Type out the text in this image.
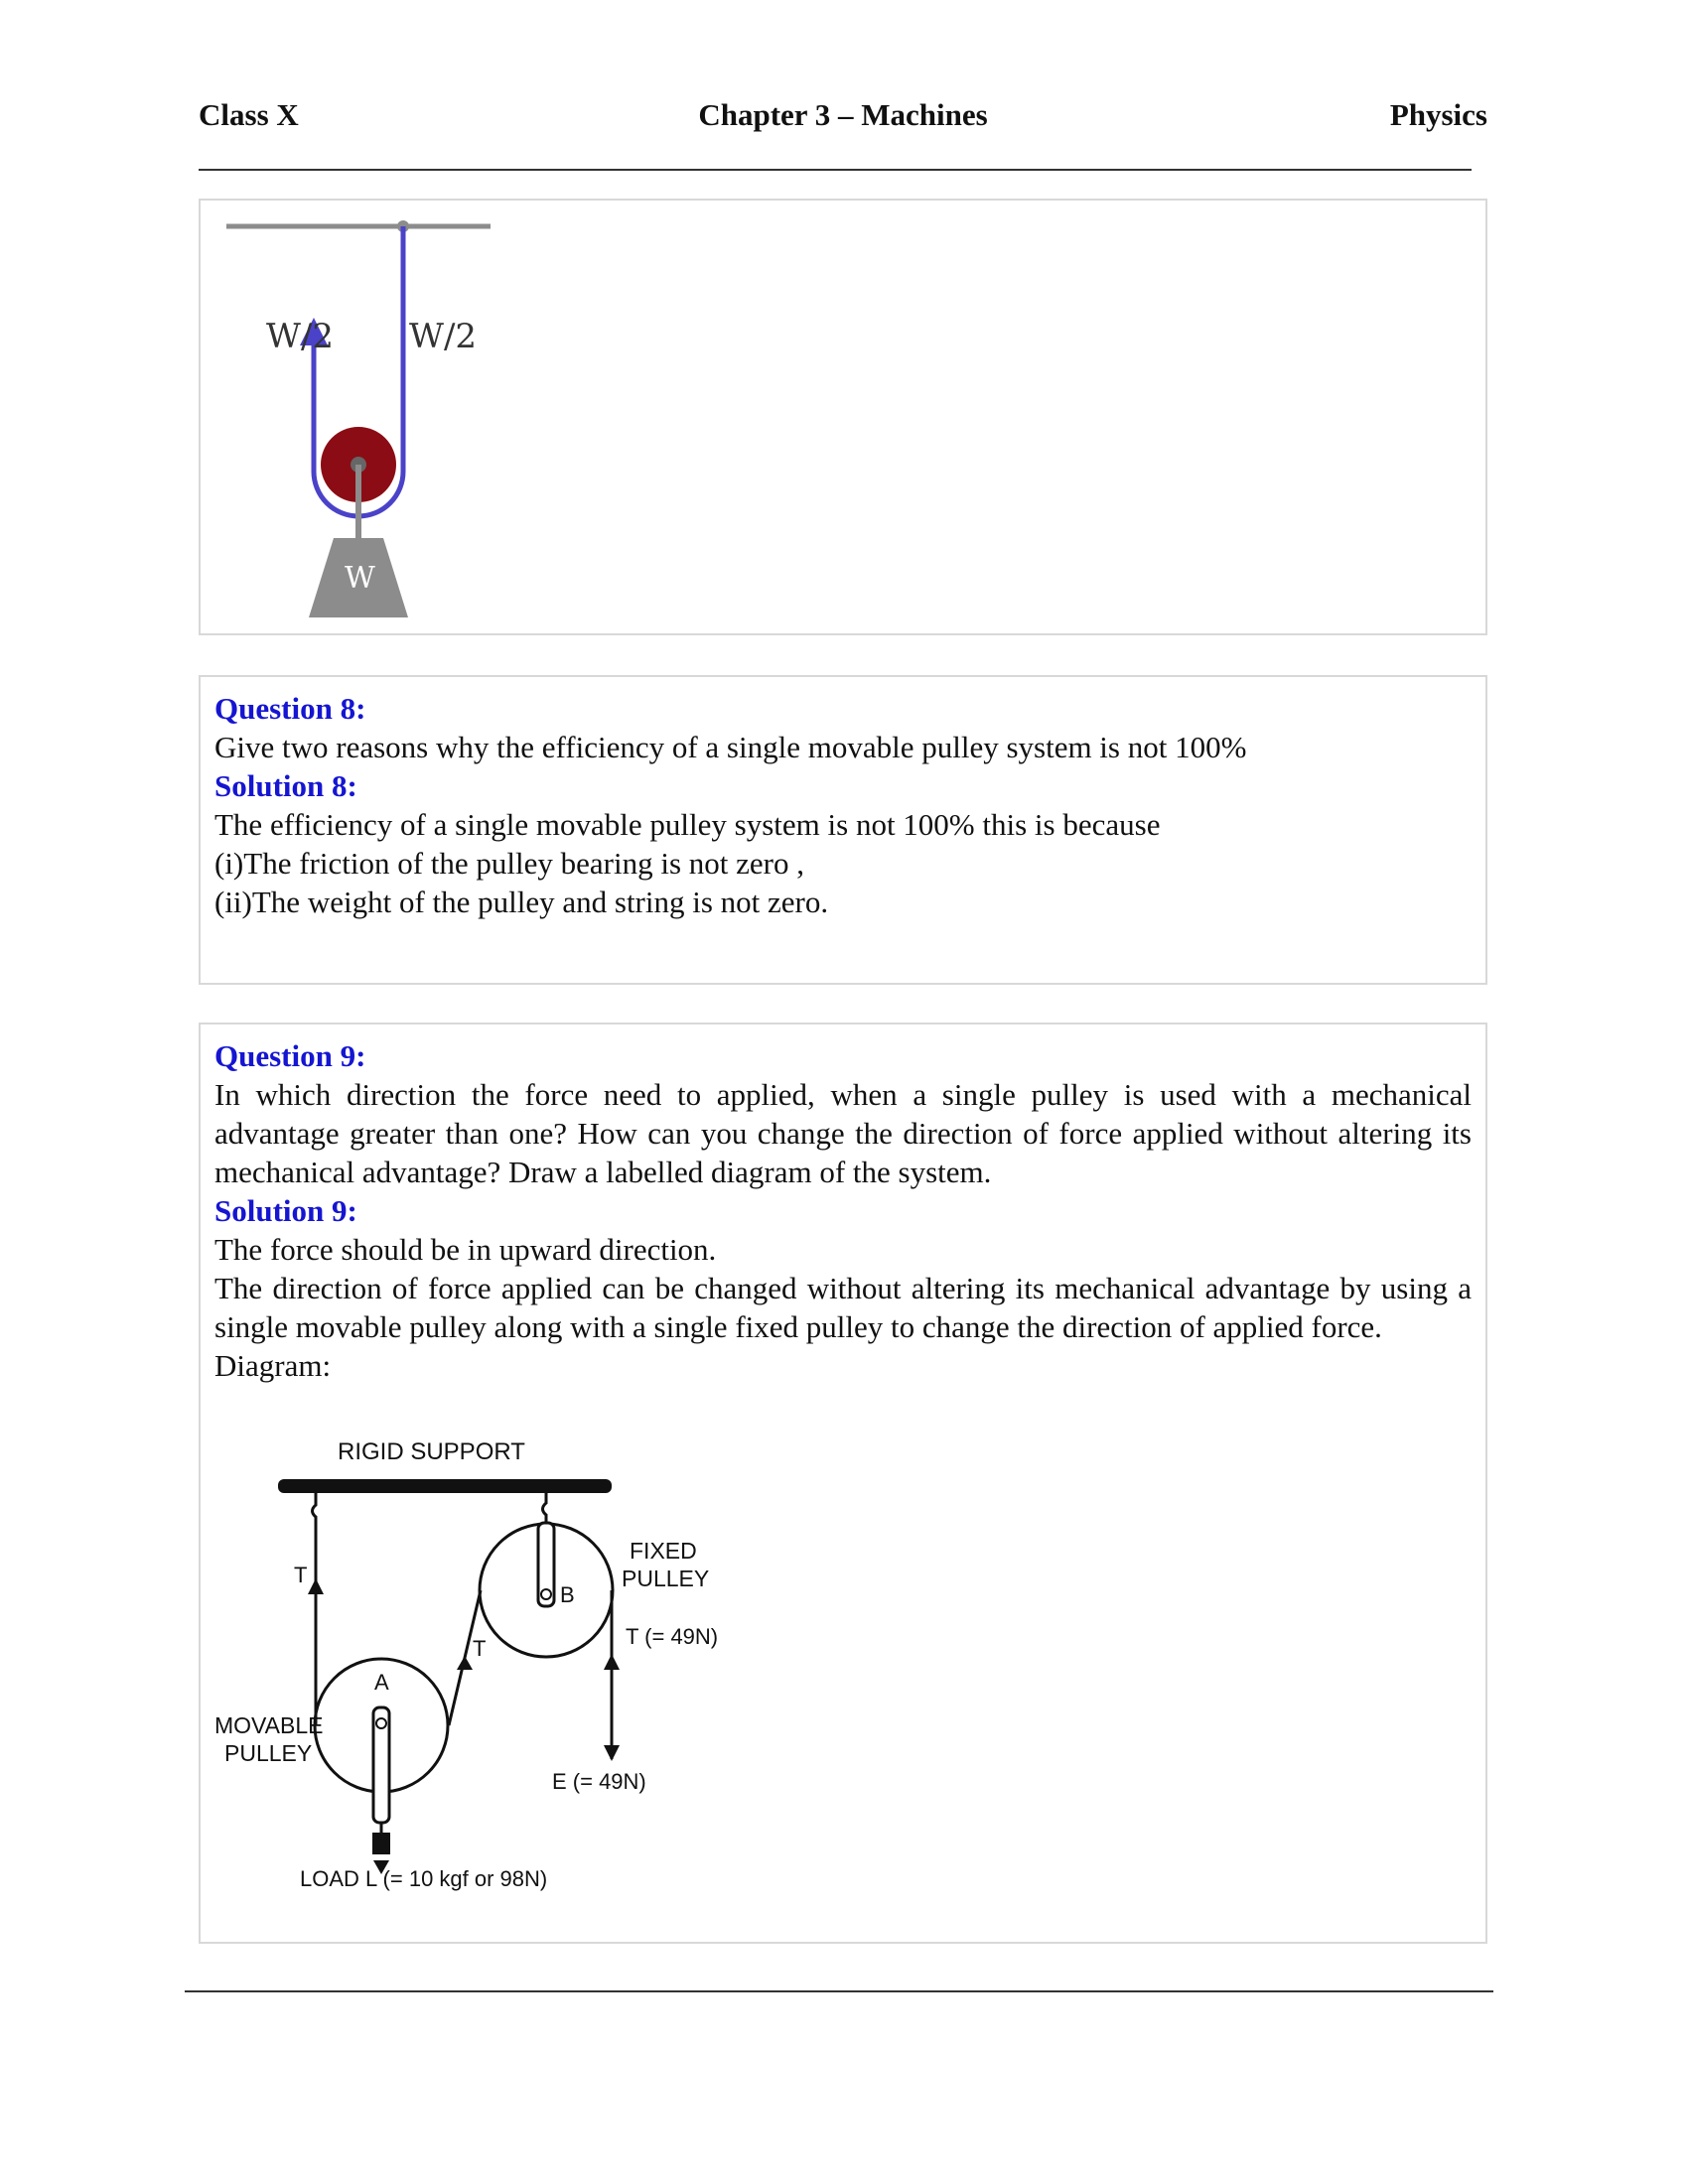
Class X	Chapter 3 – Machines	Physics
W/2 W/2
W
Question 8:
Give two reasons why the efficiency of a single movable pulley system is not 100%
Solution 8:
The efficiency of a single movable pulley system is not 100% this is because
(i)The friction of the pulley bearing is not zero ,
(ii)The weight of the pulley and string is not zero.
Question 9:
In which direction the force need to applied, when a single pulley is used with a mechanical advantage greater than one? How can you change the direction of force applied without altering its mechanical advantage? Draw a labelled diagram of the system.
Solution 9:
The force should be in upward direction.
The direction of force applied can be changed without altering its mechanical advantage by using a single movable pulley along with a single fixed pulley to change the direction of applied force.
Diagram:
RIGID SUPPORT
B
FIXED
PULLEY
A
T
T	T (= 49N)
MOVABLE
PULLEY
E (= 49N)
LOAD L (= 10 kgf or 98N)
